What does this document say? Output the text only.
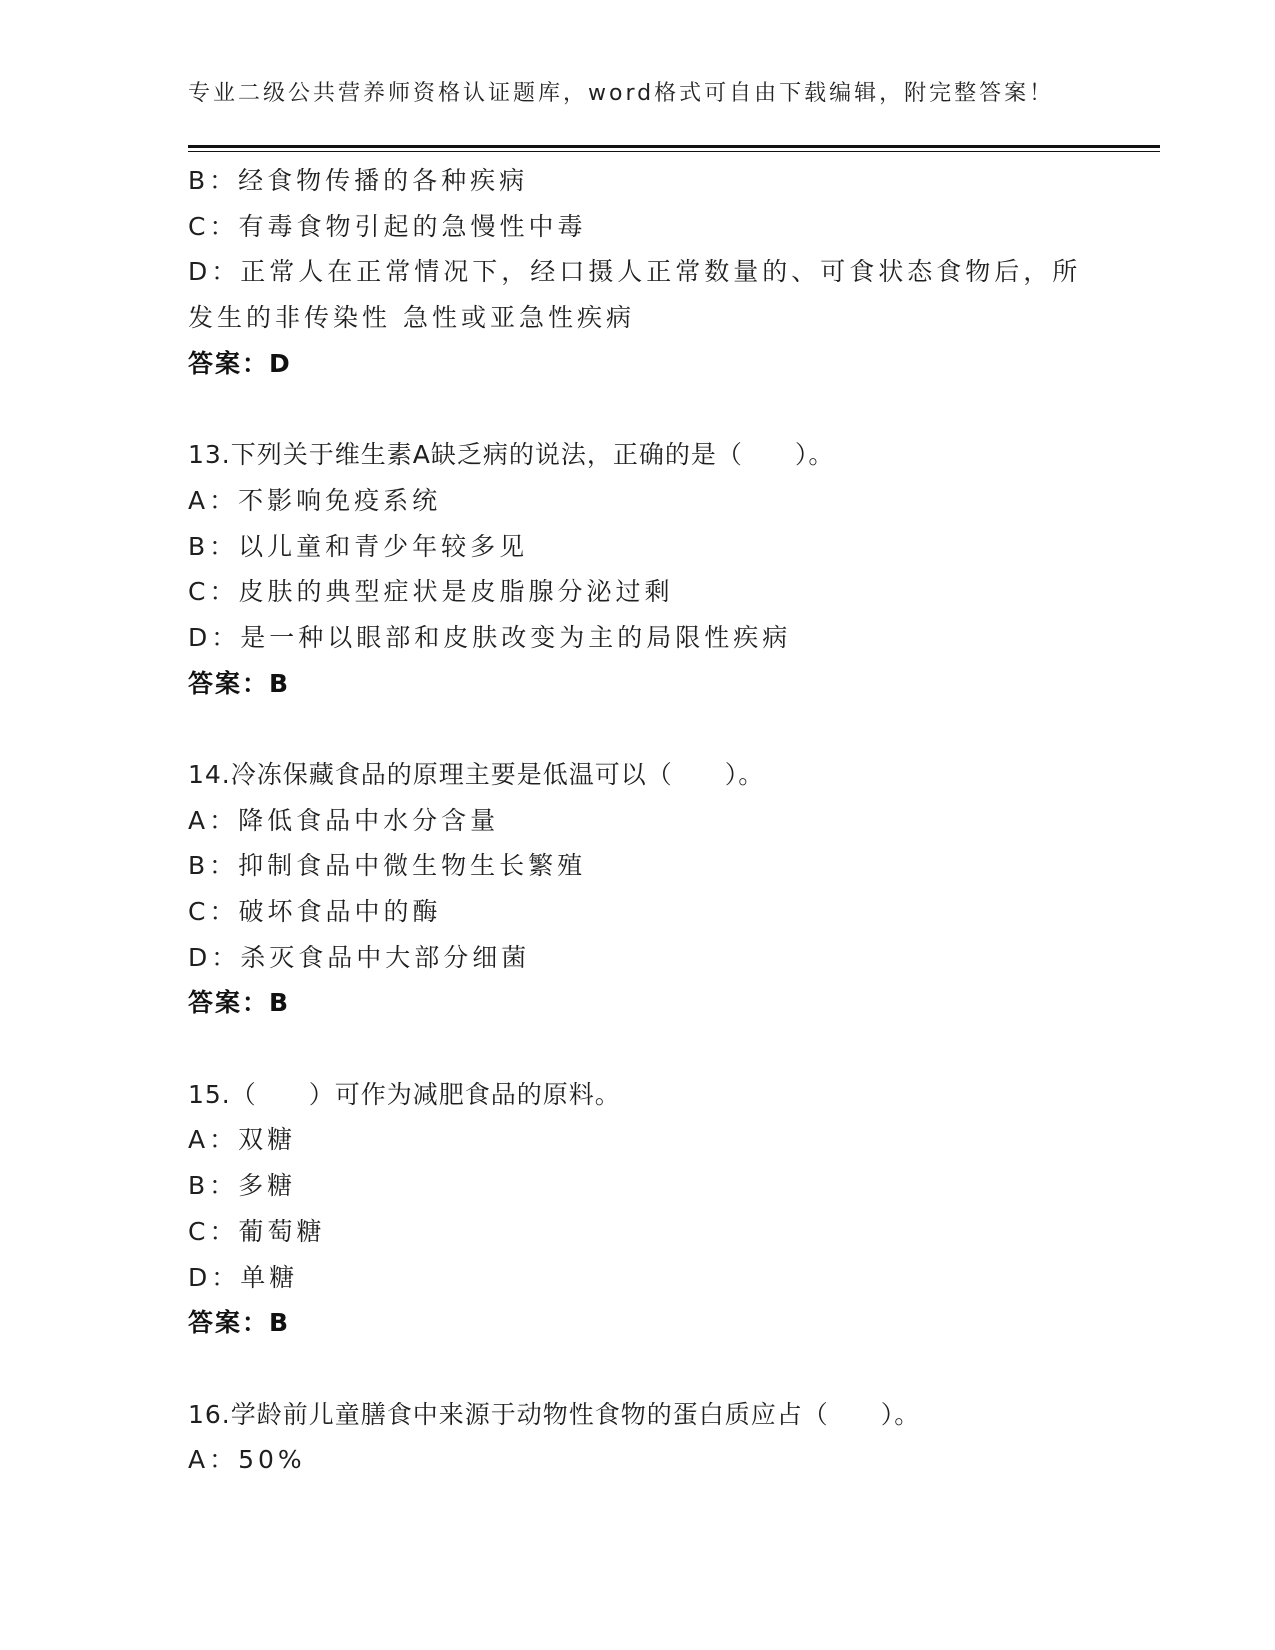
专业二级公共营养师资格认证题库，word格式可自由下载编辑，附完整答案！
B：经食物传播的各种疾病
C：有毒食物引起的急慢性中毒
D：正常人在正常情况下，经口摄人正常数量的、可食状态食物后，所
发生的非传染性 急性或亚急性疾病
答案：D
13.下列关于维生素A缺乏病的说法，正确的是（　　）。
A：不影响免疫系统
B：以儿童和青少年较多见
C：皮肤的典型症状是皮脂腺分泌过剩
D：是一种以眼部和皮肤改变为主的局限性疾病
答案：B
14.冷冻保藏食品的原理主要是低温可以（　　）。
A：降低食品中水分含量
B：抑制食品中微生物生长繁殖
C：破坏食品中的酶
D：杀灭食品中大部分细菌
答案：B
15.（　　）可作为减肥食品的原料。
A：双糖
B：多糖
C：葡萄糖
D：单糖
答案：B
16.学龄前儿童膳食中来源于动物性食物的蛋白质应占（　　）。
A：50%
